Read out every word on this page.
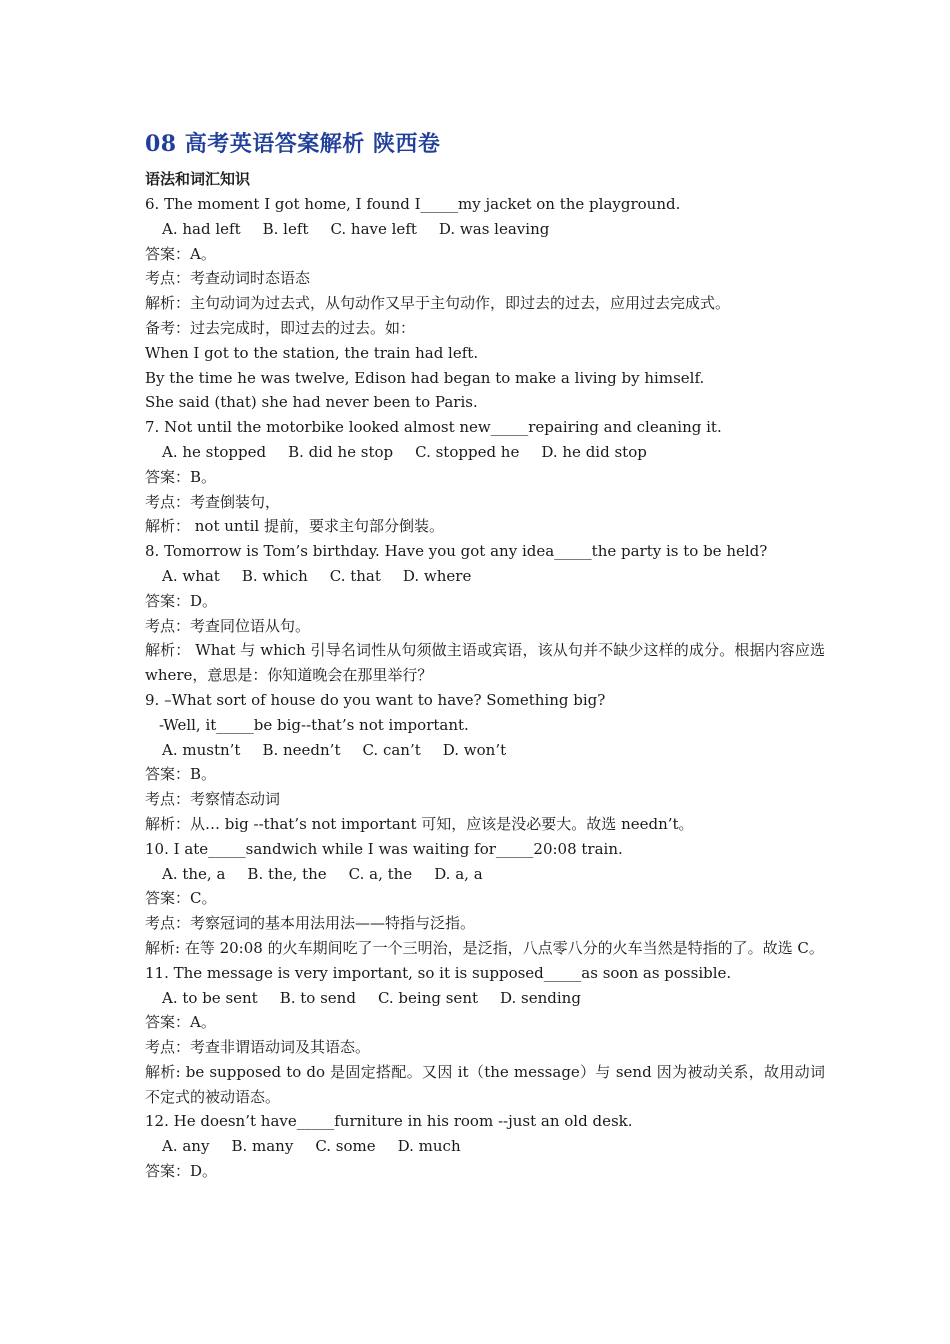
08 高考英语答案解析 陕西卷
语法和词汇知识
6. The moment I got home, I found I_____my jacket on the playground.
A. had left B. left C. have left D. was leaving
答案：A。
考点：考查动词时态语态
解析：主句动词为过去式，从句动作又早于主句动作，即过去的过去，应用过去完成式。
备考：过去完成时，即过去的过去。如：
When I got to the station, the train had left.
By the time he was twelve, Edison had began to make a living by himself.
She said (that) she had never been to Paris.
7. Not until the motorbike looked almost new_____repairing and cleaning it.
A. he stopped B. did he stop C. stopped he D. he did stop
答案：B。
考点：考查倒装句，
解析： not until 提前，要求主句部分倒装。
8. Tomorrow is Tom’s birthday. Have you got any idea_____the party is to be held?
A. what B. which C. that D. where
答案：D。
考点：考查同位语从句。
解析： What 与 which 引导名词性从句须做主语或宾语，该从句并不缺少这样的成分。根据内容应选 where，意思是：你知道晚会在那里举行？
9. –What sort of house do you want to have? Something big?
-Well, it_____be big--that’s not important.
A. mustn’t B. needn’t C. can’t D. won’t
答案：B。
考点：考察情态动词
解析：从… big --that’s not important 可知，应该是没必要大。故选 needn’t。
10. I ate_____sandwich while I was waiting for_____20:08 train.
A. the, a B. the, the C. a, the D. a, a
答案：C。
考点：考察冠词的基本用法用法——特指与泛指。
解析: 在等 20:08 的火车期间吃了一个三明治，是泛指，八点零八分的火车当然是特指的了。故选 C。
11. The message is very important, so it is supposed_____as soon as possible.
A. to be sent B. to send C. being sent D. sending
答案：A。
考点：考查非谓语动词及其语态。
解析: be supposed to do 是固定搭配。又因 it（the message）与 send 因为被动关系，故用动词不定式的被动语态。
12. He doesn’t have_____furniture in his room --just an old desk.
A. any B. many C. some D. much
答案：D。
